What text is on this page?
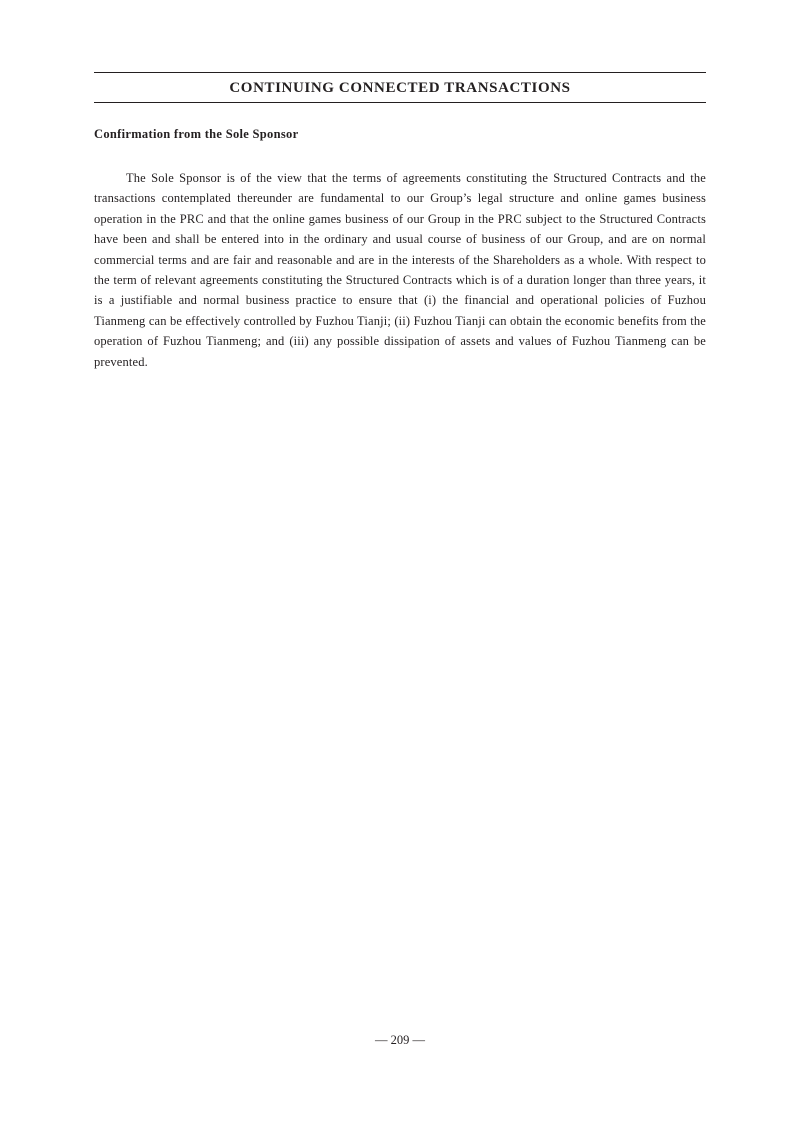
CONTINUING CONNECTED TRANSACTIONS
Confirmation from the Sole Sponsor

The Sole Sponsor is of the view that the terms of agreements constituting the Structured Contracts and the transactions contemplated thereunder are fundamental to our Group’s legal structure and online games business operation in the PRC and that the online games business of our Group in the PRC subject to the Structured Contracts have been and shall be entered into in the ordinary and usual course of business of our Group, and are on normal commercial terms and are fair and reasonable and are in the interests of the Shareholders as a whole. With respect to the term of relevant agreements constituting the Structured Contracts which is of a duration longer than three years, it is a justifiable and normal business practice to ensure that (i) the financial and operational policies of Fuzhou Tianmeng can be effectively controlled by Fuzhou Tianji; (ii) Fuzhou Tianji can obtain the economic benefits from the operation of Fuzhou Tianmeng; and (iii) any possible dissipation of assets and values of Fuzhou Tianmeng can be prevented.

— 209 —
